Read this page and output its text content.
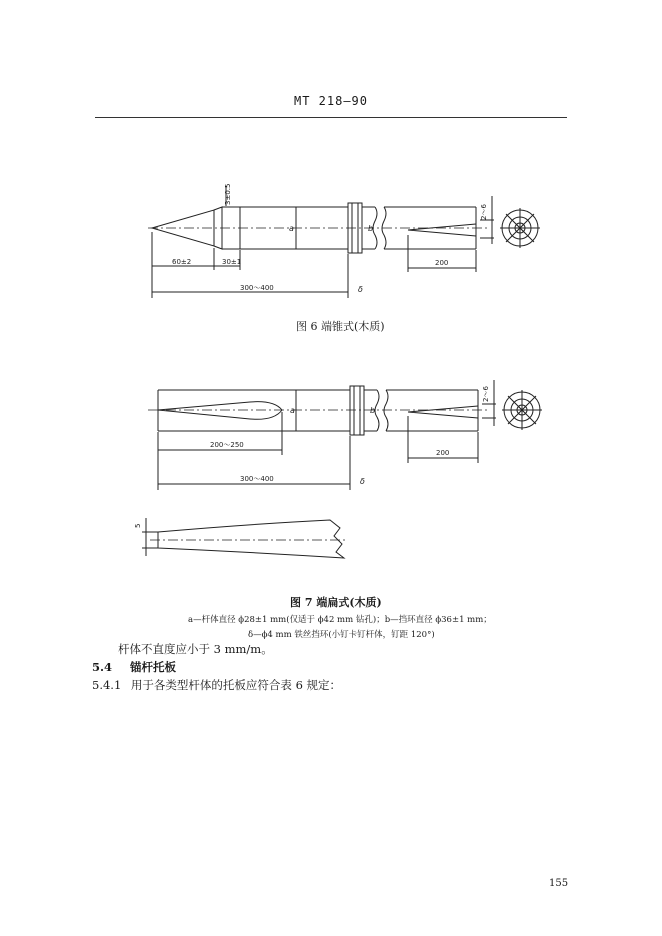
MT 218—90
3±0.5
60±2	30±1
300～400
200
2～6
a	b
δ
图 6 端锥式(木质)
200～250
300～400
200
2～6
a	b
δ
5
图 7 端扁式(木质)
a—杆体直径 ϕ28±1 mm(仅适于 ϕ42 mm 钻孔)；b—挡环直径 ϕ36±1 mm；
δ—ϕ4 mm 铁丝挡环(小钉卡钉杆体，钉距 120°)
杆体不直度应小于 3 mm/m。
5.4 锚杆托板
5.4.1 用于各类型杆体的托板应符合表 6 规定：
155
